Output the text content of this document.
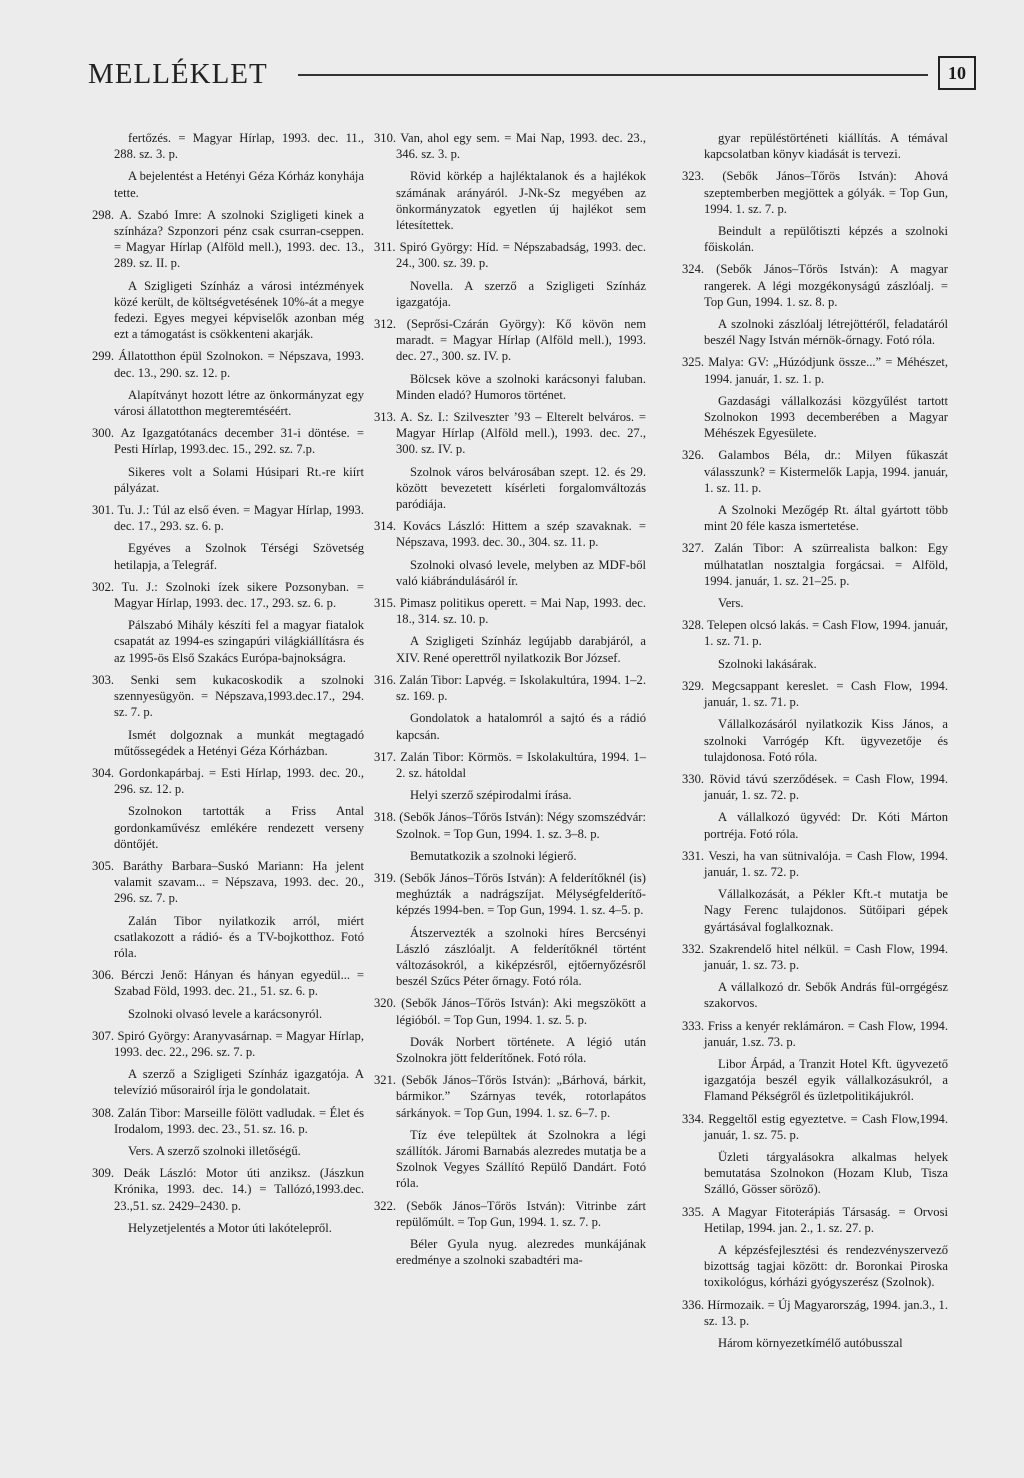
MELLÉKLET	10

fertőzés. = Magyar Hírlap, 1993. dec. 11., 288. sz. 3. p.

A bejelentést a Hetényi Géza Kórház konyhája tette.

298. A. Szabó Imre: A szolnoki Szigligeti kinek a színháza? Szponzori pénz csak csurran-cseppen. = Magyar Hírlap (Alföld mell.), 1993. dec. 13., 289. sz. II. p.

A Szigligeti Színház a városi intézmények közé került, de költségvetésének 10%-át a megye fedezi. Egyes megyei képviselők azonban még ezt a támogatást is csökkenteni akarják.

299. Állatotthon épül Szolnokon. = Népszava, 1993. dec. 13., 290. sz. 12. p.

Alapítványt hozott létre az önkormányzat egy városi állatotthon megteremtéséért.

300. Az Igazgatótanács december 31-i döntése. = Pesti Hírlap, 1993.dec. 15., 292. sz. 7.p.

Sikeres volt a Solami Húsipari Rt.-re kiírt pályázat.

301. Tu. J.: Túl az első éven. = Magyar Hírlap, 1993. dec. 17., 293. sz. 6. p.

Egyéves a Szolnok Térségi Szövetség hetilapja, a Telegráf.

302. Tu. J.: Szolnoki ízek sikere Pozsonyban. = Magyar Hírlap, 1993. dec. 17., 293. sz. 6. p.

Pálszabó Mihály készíti fel a magyar fiatalok csapatát az 1994-es szingapúri világkiállításra és az 1995-ös Első Szakács Európa-bajnokságra.

303. Senki sem kukacoskodik a szolnoki szennyesügyön. = Népszava,1993.dec.17., 294. sz. 7. p.

Ismét dolgoznak a munkát megtagadó műtőssegédek a Hetényi Géza Kórházban.

304. Gordonkapárbaj. = Esti Hírlap, 1993. dec. 20., 296. sz. 12. p.

Szolnokon tartották a Friss Antal gordonkaművész emlékére rendezett verseny döntőjét.

305. Baráthy Barbara–Suskó Mariann: Ha jelent valamit szavam... = Népszava, 1993. dec. 20., 296. sz. 7. p.

Zalán Tibor nyilatkozik arról, miért csatlakozott a rádió- és a TV-bojkotthoz. Fotó róla.

306. Bérczi Jenő: Hányan és hányan egyedül... = Szabad Föld, 1993. dec. 21., 51. sz. 6. p.

Szolnoki olvasó levele a karácsonyról.

307. Spiró György: Aranyvasárnap. = Magyar Hírlap, 1993. dec. 22., 296. sz. 7. p.

A szerző a Szigligeti Színház igazgatója. A televízió műsorairól írja le gondolatait.

308. Zalán Tibor: Marseille fölött vadludak. = Élet és Irodalom, 1993. dec. 23., 51. sz. 16. p.

Vers. A szerző szolnoki illetőségű.

309. Deák László: Motor úti anziksz. (Jászkun Krónika, 1993. dec. 14.) = Tallózó,1993.dec. 23.,51. sz. 2429–2430. p.

Helyzetjelentés a Motor úti lakótelepről.

310. Van, ahol egy sem. = Mai Nap, 1993. dec. 23., 346. sz. 3. p.

Rövid körkép a hajléktalanok és a hajlékok számának arányáról. J-Nk-Sz megyében az önkormányzatok egyetlen új hajlékot sem létesítettek.

311. Spiró György: Híd. = Népszabadság, 1993. dec. 24., 300. sz. 39. p.

Novella. A szerző a Szigligeti Színház igazgatója.

312. (Seprősi-Czárán György): Kő kövön nem maradt. = Magyar Hírlap (Alföld mell.), 1993. dec. 27., 300. sz. IV. p.

Bölcsek köve a szolnoki karácsonyi faluban. Minden eladó? Humoros történet.

313. A. Sz. I.: Szilveszter ’93 – Elterelt belváros. = Magyar Hírlap (Alföld mell.), 1993. dec. 27., 300. sz. IV. p.

Szolnok város belvárosában szept. 12. és 29. között bevezetett kísérleti forgalomváltozás paródiája.

314. Kovács László: Hittem a szép szavaknak. = Népszava, 1993. dec. 30., 304. sz. 11. p.

Szolnoki olvasó levele, melyben az MDF-ből való kiábrándulásáról ír.

315. Pimasz politikus operett. = Mai Nap, 1993. dec. 18., 314. sz. 10. p.

A Szigligeti Színház legújabb darabjáról, a XIV. René operettről nyilatkozik Bor József.

316. Zalán Tibor: Lapvég. = Iskolakultúra, 1994. 1–2. sz. 169. p.

Gondolatok a hatalomról a sajtó és a rádió kapcsán.

317. Zalán Tibor: Körmös. = Iskolakultúra, 1994. 1–2. sz. hátoldal

Helyi szerző szépirodalmi írása.

318. (Sebők János–Tőrös István): Négy szomszédvár: Szolnok. = Top Gun, 1994. 1. sz. 3–8. p.

Bemutatkozik a szolnoki légierő.

319. (Sebők János–Tőrös István): A felderítőknél (is) meghúzták a nadrágszíjat. Mélységfelderítő-képzés 1994-ben. = Top Gun, 1994. 1. sz. 4–5. p.

Átszervezték a szolnoki híres Bercsényi László zászlóaljt. A felderítőknél történt változásokról, a kiképzésről, ejtőernyőzésről beszél Szűcs Péter őrnagy. Fotó róla.

320. (Sebők János–Tőrös István): Aki megszökött a légióból. = Top Gun, 1994. 1. sz. 5. p.

Dovák Norbert története. A légió után Szolnokra jött felderítőnek. Fotó róla.

321. (Sebők János–Tőrös István): „Bárhová, bárkit, bármikor.” Szárnyas tevék, rotorlapátos sárkányok. = Top Gun, 1994. 1. sz. 6–7. p.

Tíz éve települtek át Szolnokra a légi szállítók. Járomi Barnabás alezredes mutatja be a Szolnok Vegyes Szállító Repülő Dandárt. Fotó róla.

322. (Sebők János–Tőrös István): Vitrinbe zárt repülőmúlt. = Top Gun, 1994. 1. sz. 7. p.

Béler Gyula nyug. alezredes munkájának eredménye a szolnoki szabadtéri ma-

gyar repüléstörténeti kiállítás. A témával kapcsolatban könyv kiadását is tervezi.

323. (Sebők János–Tőrös István): Ahová szeptemberben megjöttek a gólyák. = Top Gun, 1994. 1. sz. 7. p.

Beindult a repülőtiszti képzés a szolnoki főiskolán.

324. (Sebők János–Tőrös István): A magyar rangerek. A légi mozgékonyságú zászlóalj. = Top Gun, 1994. 1. sz. 8. p.

A szolnoki zászlóalj létrejöttéről, feladatáról beszél Nagy István mérnök-őrnagy. Fotó róla.

325. Malya: GV: „Húzódjunk össze...” = Méhészet, 1994. január, 1. sz. 1. p.

Gazdasági vállalkozási közgyűlést tartott Szolnokon 1993 decemberében a Magyar Méhészek Egyesülete.

326. Galambos Béla, dr.: Milyen fűkaszát válasszunk? = Kistermelők Lapja, 1994. január, 1. sz. 11. p.

A Szolnoki Mezőgép Rt. által gyártott több mint 20 féle kasza ismertetése.

327. Zalán Tibor: A szürrealista balkon: Egy múlhatatlan nosztalgia forgácsai. = Alföld, 1994. január, 1. sz. 21–25. p.

Vers.

328. Telepen olcsó lakás. = Cash Flow, 1994. január, 1. sz. 71. p.

Szolnoki lakásárak.

329. Megcsappant kereslet. = Cash Flow, 1994. január, 1. sz. 71. p.

Vállalkozásáról nyilatkozik Kiss János, a szolnoki Varrógép Kft. ügyvezetője és tulajdonosa. Fotó róla.

330. Rövid távú szerződések. = Cash Flow, 1994. január, 1. sz. 72. p.

A vállalkozó ügyvéd: Dr. Kóti Márton portréja. Fotó róla.

331. Veszi, ha van sütnivalója. = Cash Flow, 1994. január, 1. sz. 72. p.

Vállalkozását, a Pékler Kft.-t mutatja be Nagy Ferenc tulajdonos. Sütőipari gépek gyártásával foglalkoznak.

332. Szakrendelő hitel nélkül. = Cash Flow, 1994. január, 1. sz. 73. p.

A vállalkozó dr. Sebők András fül-orrgégész szakorvos.

333. Friss a kenyér reklámáron. = Cash Flow, 1994. január, 1.sz. 73. p.

Libor Árpád, a Tranzit Hotel Kft. ügyvezető igazgatója beszél egyik vállalkozásukról, a Flamand Pékségről és üzletpolitikájukról.

334. Reggeltől estig egyeztetve. = Cash Flow,1994. január, 1. sz. 75. p.

Üzleti tárgyalásokra alkalmas helyek bemutatása Szolnokon (Hozam Klub, Tisza Szálló, Gösser söröző).

335. A Magyar Fitoterápiás Társaság. = Orvosi Hetilap, 1994. jan. 2., 1. sz. 27. p.

A képzésfejlesztési és rendezvényszervező bizottság tagjai között: dr. Boronkai Piroska toxikológus, kórházi gyógyszerész (Szolnok).

336. Hírmozaik. = Új Magyarország, 1994. jan.3., 1. sz. 13. p.

Három környezetkímélő autóbusszal
